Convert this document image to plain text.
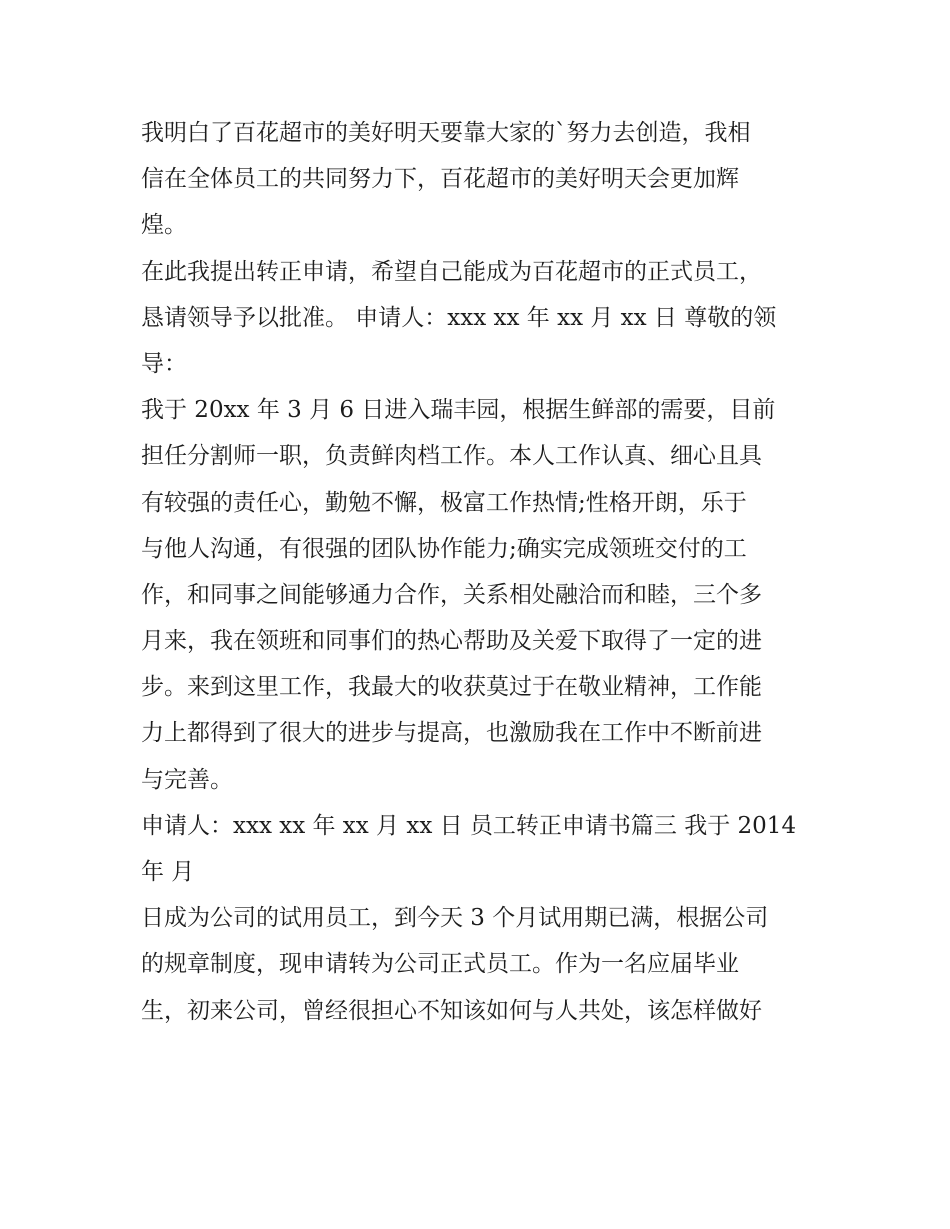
我明白了百花超市的美好明天要靠大家的`努力去创造，我相
信在全体员工的共同努力下，百花超市的美好明天会更加辉
煌。
在此我提出转正申请，希望自己能成为百花超市的正式员工，
恳请领导予以批准。 申请人：xxx xx 年 xx 月 xx 日 尊敬的领
导：
我于 20xx 年 3 月 6 日进入瑞丰园，根据生鲜部的需要，目前
担任分割师一职，负责鲜肉档工作。本人工作认真、细心且具
有较强的责任心，勤勉不懈，极富工作热情;性格开朗，乐于
与他人沟通，有很强的团队协作能力;确实完成领班交付的工
作，和同事之间能够通力合作，关系相处融洽而和睦，三个多
月来，我在领班和同事们的热心帮助及关爱下取得了一定的进
步。来到这里工作，我最大的收获莫过于在敬业精神，工作能
力上都得到了很大的进步与提高，也激励我在工作中不断前进
与完善。
申请人：xxx xx 年 xx 月 xx 日 员工转正申请书篇三 我于 2014
年 月
日成为公司的试用员工，到今天 3 个月试用期已满，根据公司
的规章制度，现申请转为公司正式员工。作为一名应届毕业
生，初来公司，曾经很担心不知该如何与人共处，该怎样做好
